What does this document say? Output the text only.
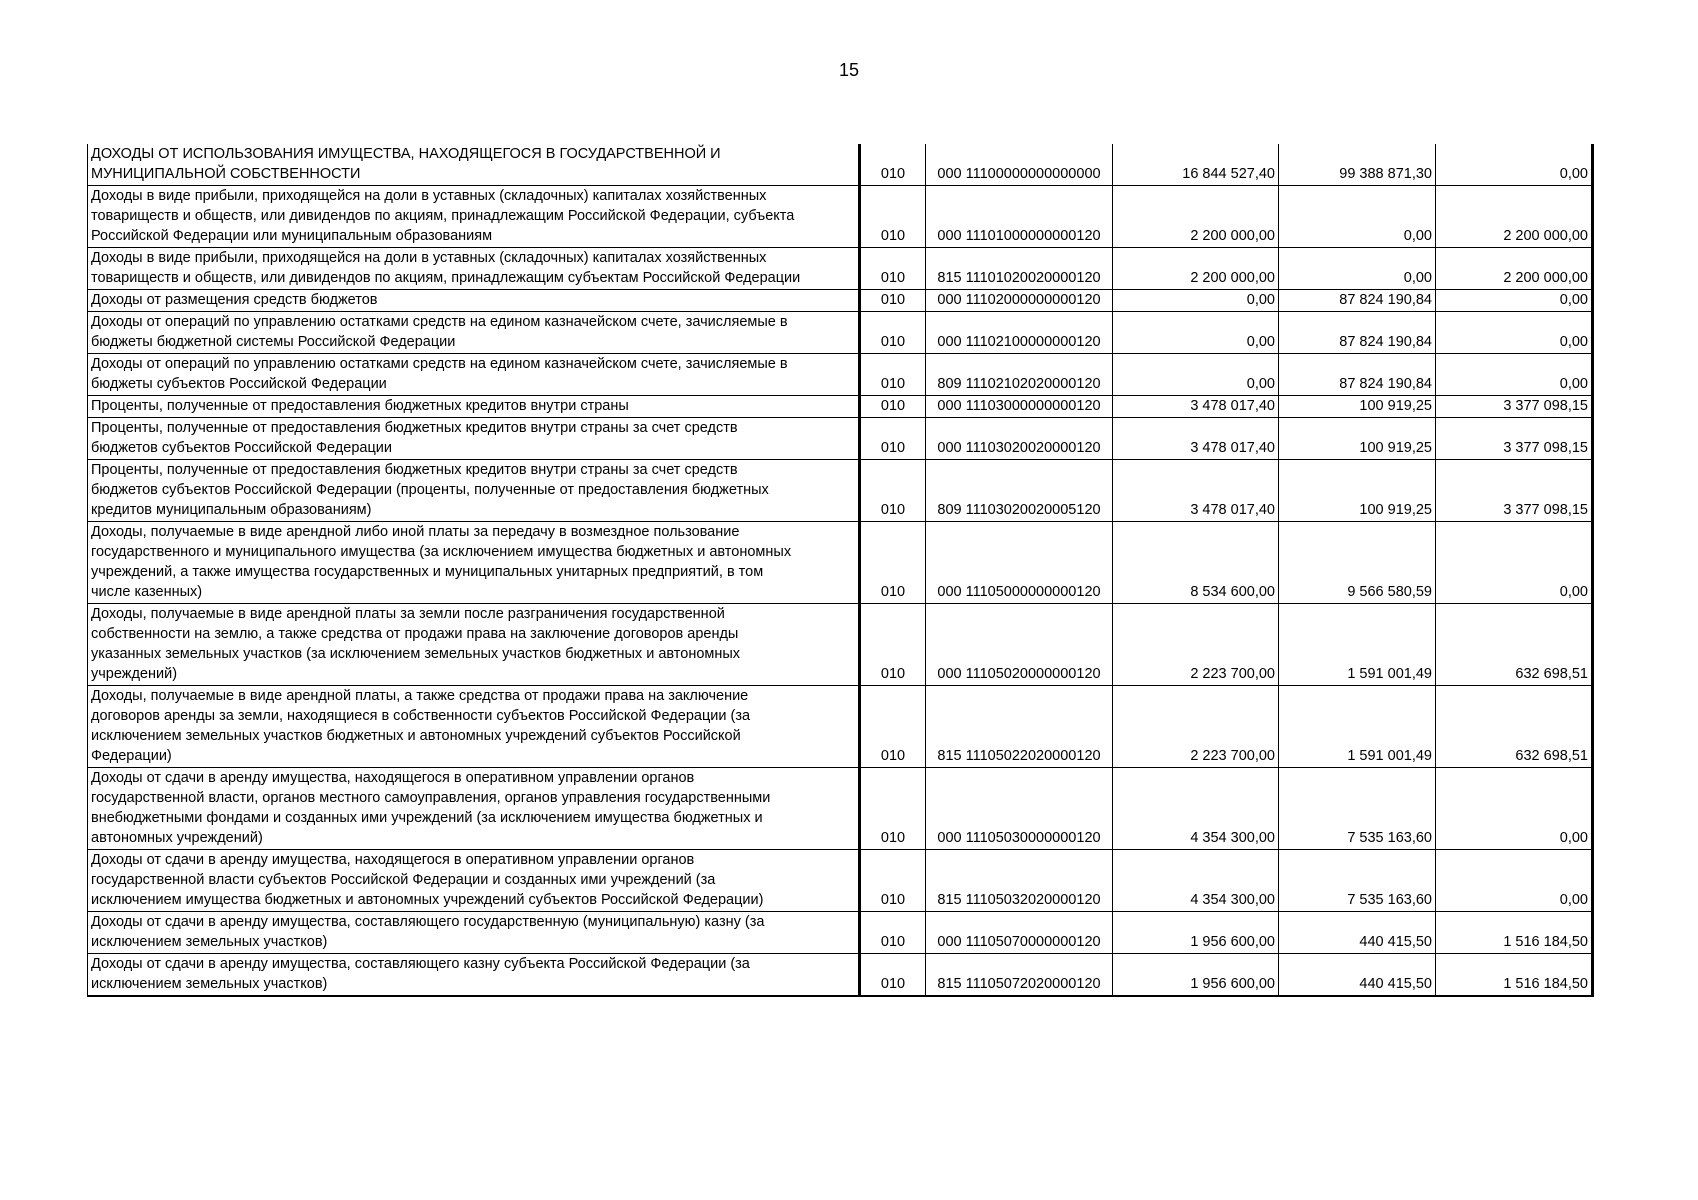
15
ДОХОДЫ ОТ ИСПОЛЬЗОВАНИЯ ИМУЩЕСТВА, НАХОДЯЩЕГОСЯ В ГОСУДАРСТВЕННОЙ И
МУНИЦИПАЛЬНОЙ СОБСТВЕННОСТИ	010	000 11100000000000000	16 844 527,40	99 388 871,30	0,00
Доходы в виде прибыли, приходящейся на доли в уставных (складочных) капиталах хозяйственных
товариществ и обществ, или дивидендов по акциям, принадлежащим Российской Федерации, субъекта
Российской Федерации или муниципальным образованиям	010	000 11101000000000120	2 200 000,00	0,00	2 200 000,00
Доходы в виде прибыли, приходящейся на доли в уставных (складочных) капиталах хозяйственных
товариществ и обществ, или дивидендов по акциям, принадлежащим субъектам Российской Федерации	010	815 11101020020000120	2 200 000,00	0,00	2 200 000,00
Доходы от размещения средств бюджетов	010	000 11102000000000120	0,00	87 824 190,84	0,00
Доходы от операций по управлению остатками средств на едином казначейском счете, зачисляемые в
бюджеты бюджетной системы Российской Федерации	010	000 11102100000000120	0,00	87 824 190,84	0,00
Доходы от операций по управлению остатками средств на едином казначейском счете, зачисляемые в
бюджеты субъектов Российской Федерации	010	809 11102102020000120	0,00	87 824 190,84	0,00
Проценты, полученные от предоставления бюджетных кредитов внутри страны	010	000 11103000000000120	3 478 017,40	100 919,25	3 377 098,15
Проценты, полученные от предоставления бюджетных кредитов внутри страны за счет средств
бюджетов субъектов Российской Федерации	010	000 11103020020000120	3 478 017,40	100 919,25	3 377 098,15
Проценты, полученные от предоставления бюджетных кредитов внутри страны за счет средств
бюджетов субъектов Российской Федерации (проценты, полученные от предоставления бюджетных
кредитов муниципальным образованиям)	010	809 11103020020005120	3 478 017,40	100 919,25	3 377 098,15
Доходы, получаемые в виде арендной либо иной платы за передачу в возмездное пользование
государственного и муниципального имущества (за исключением имущества бюджетных и автономных
учреждений, а также имущества государственных и муниципальных унитарных предприятий, в том
числе казенных)	010	000 11105000000000120	8 534 600,00	9 566 580,59	0,00
Доходы, получаемые в виде арендной платы за земли после разграничения государственной
собственности на землю, а также средства от продажи права на заключение договоров аренды
указанных земельных участков (за исключением земельных участков бюджетных и автономных
учреждений)	010	000 11105020000000120	2 223 700,00	1 591 001,49	632 698,51
Доходы, получаемые в виде арендной платы, а также средства от продажи права на заключение
договоров аренды за земли, находящиеся в собственности субъектов Российской Федерации (за
исключением земельных участков бюджетных и автономных учреждений субъектов Российской
Федерации)	010	815 11105022020000120	2 223 700,00	1 591 001,49	632 698,51
Доходы от сдачи в аренду имущества, находящегося в оперативном управлении органов
государственной власти, органов местного самоуправления, органов управления государственными
внебюджетными фондами и созданных ими учреждений (за исключением имущества бюджетных и
автономных учреждений)	010	000 11105030000000120	4 354 300,00	7 535 163,60	0,00
Доходы от сдачи в аренду имущества, находящегося в оперативном управлении органов
государственной власти субъектов Российской Федерации и созданных ими учреждений (за
исключением имущества бюджетных и автономных учреждений субъектов Российской Федерации)	010	815 11105032020000120	4 354 300,00	7 535 163,60	0,00
Доходы от сдачи в аренду имущества, составляющего государственную (муниципальную) казну (за
исключением земельных участков)	010	000 11105070000000120	1 956 600,00	440 415,50	1 516 184,50
Доходы от сдачи в аренду имущества, составляющего казну субъекта Российской Федерации (за
исключением земельных участков)	010	815 11105072020000120	1 956 600,00	440 415,50	1 516 184,50
